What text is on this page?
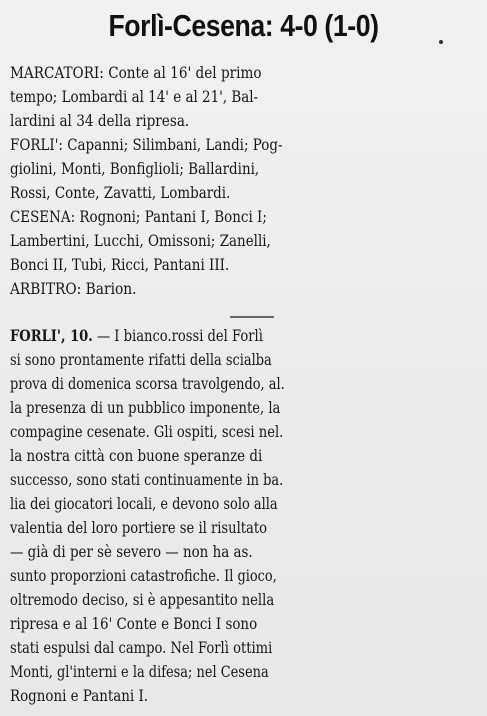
Forlì-Cesena: 4-0 (1-0)
MARCATORI: Conte al 16' del primo
tempo; Lombardi al 14' e al 21', Bal-
lardini al 34 della ripresa.
FORLI': Capanni; Silimbani, Landi; Pog-
giolini, Monti, Bonfiglioli; Ballardini,
Rossi, Conte, Zavatti, Lombardi.
CESENA: Rognoni; Pantani I, Bonci I;
Lambertini, Lucchi, Omissoni; Zanelli,
Bonci II, Tubi, Ricci, Pantani III.
ARBITRO: Barion.
FORLI', 10. — I bianco.rossi del Forlì
si sono prontamente rifatti della scialba
prova di domenica scorsa travolgendo, al.
la presenza di un pubblico imponente, la
compagine cesenate. Gli ospiti, scesi nel.
la nostra città con buone speranze di
successo, sono stati continuamente in ba.
lia dei giocatori locali, e devono solo alla
valentia del loro portiere se il risultato
— già di per sè severo — non ha as.
sunto proporzioni catastrofiche. Il gioco,
oltremodo deciso, si è appesantito nella
ripresa e al 16' Conte e Bonci I sono
stati espulsi dal campo. Nel Forlì ottimi
Monti, gl'interni e la difesa; nel Cesena
Rognoni e Pantani I.
